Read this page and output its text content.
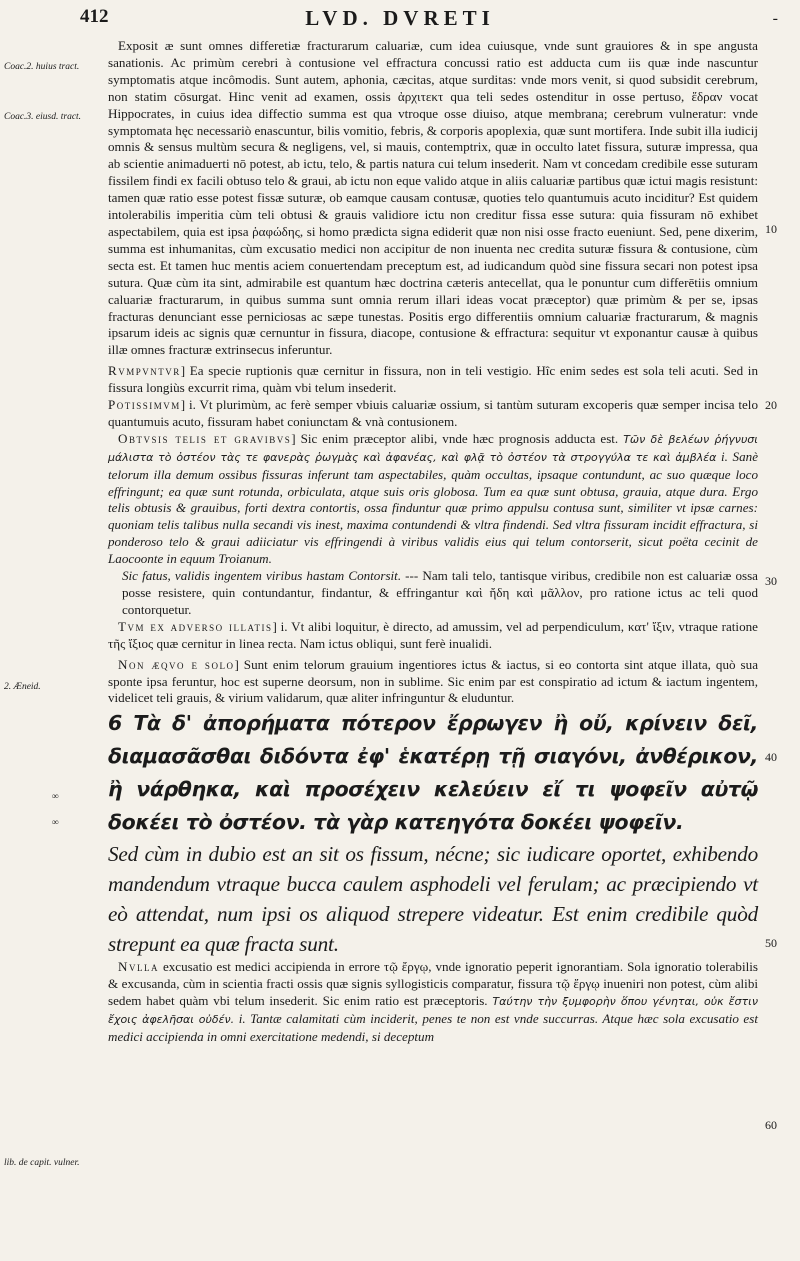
412	LVD. DVRETI	-
Coac.2. huius tract.
Coac.3. eiusd. tract.
2. Æneid.
∞
∞
lib. de capit. vulner.
10
20
30
40
50
60

Exposit æ sunt omnes differetiæ fracturarum caluariæ, cum idea cuiusque, vnde sunt grauiores & in spe angusta sanationis. Ac primùm cerebri à contusione vel effractura concussi ratio est adducta cum iis quæ inde nascuntur symptomatis atque incômodis. Sunt autem, aphonia, cæcitas, atque surditas: vnde mors venit, si quod subsidit cerebrum, non statim cōsurgat. Hinc venit ad examen, ossis ἀρχιτεκτ qua teli sedes ostenditur in osse pertuso, ἕδραν vocat Hippocrates, in cuius idea diffectio summa est qua vtroque osse diuiso, atque membrana; cerebrum vulneratur: vnde symptomata hęc necessariò enascuntur, bilis vomitio, febris, & corporis apoplexia, quæ sunt mortifera. Inde subit illa iudicij omnis & sensus multùm secura & negligens, vel, si mauis, contemptrix, quæ in occulto latet fissura, suturæ impressa, qua ab scientie animaduerti nō potest, ab ictu, telo, & partis natura cui telum insederit. Nam vt concedam credibile esse suturam fissilem findi ex facili obtuso telo & graui, ab ictu non eque valido atque in aliis caluariæ partibus quæ ictui magis resistunt: tamen quæ ratio esse potest fissæ suturæ, ob eamque causam contusæ, quoties telo quantumuis acuto inciditur? Est quidem intolerabilis imperitia cùm teli obtusi & grauis validiore ictu non creditur fissa esse sutura: quia fissuram nō exhibet aspectabilem, quia est ipsa ῥαφώδης, si homo prædicta signa ediderit quæ non nisi osse fracto eueniunt. Sed, pene dixerim, summa est inhumanitas, cùm excusatio medici non accipitur de non inuenta nec credita suturæ fissura & contusione, cùm secta est. Et tamen huc mentis aciem conuertendam preceptum est, ad iudicandum quòd sine fissura secari non potest ipsa sutura. Quæ cùm ita sint, admirabile est quantum hæc doctrina cæteris antecellat, qua le ponuntur cum differētiis omnium caluariæ fracturarum, in quibus summa sunt omnia rerum illari ideas vocat præceptor) quæ primùm & per se, ipsas fracturas denunciant esse perniciosas ac sæpe tunestas. Positis ergo differentiis omnium caluariæ fracturarum, & magnis ipsarum ideis ac signis quæ cernuntur in fissura, diacope, contusione & effractura: sequitur vt exponantur causæ à quibus illæ omnes fracturæ extrinsecus inferuntur.

Rvmpvntvr] Ea specie ruptionis quæ cernitur in fissura, non in teli vestigio. Hîc enim sedes est sola teli acuti. Sed in fissura longiùs excurrit rima, quàm vbi telum insederit.

Potissimvm] i. Vt plurimùm, ac ferè semper vbiuis caluariæ ossium, si tantùm suturam excoperis quæ semper incisa telo quantumuis acuto, fissuram habet coniunctam & vnà contusionem.

Obtvsis telis et gravibvs] Sic enim præceptor alibi, vnde hæc prognosis adducta est. Τῶν δὲ βελέων ῥήγνυσι μάλιστα τὸ ὀστέον τὰς τε φανερὰς ῥωγμὰς καὶ ἀφανέας, καὶ φλᾷ τὸ ὀστέον τὰ στρογγύλα τε καὶ ἀμβλέα i. Sanè telorum illa demum ossibus fissuras inferunt tam aspectabiles, quàm occultas, ipsaque contundunt, ac suo quæque loco effringunt; ea quæ sunt rotunda, orbiculata, atque suis oris globosa. Tum ea quæ sunt obtusa, grauia, atque dura. Ergo telis obtusis & grauibus, forti dextra contortis, ossa finduntur quæ primo appulsu contusa sunt, similiter vt ipsæ carnes: quoniam telis talibus nulla secandi vis inest, maxima contundendi & vltra findendi. Sed vltra fissuram incidit effractura, si ponderoso telo & graui adiiciatur vis effringendi à viribus validis eius qui telum contorserit, sicut poëta cecinit de Laocoonte in equum Troianum.

Sic fatus, validis ingentem viribus hastam Contorsit. --- Nam tali telo, tantisque viribus, credibile non est caluariæ ossa posse resistere, quin contundantur, findantur, & effringantur καὶ ἤδη καὶ μᾶλλον, pro ratione ictus ac teli quod contorquetur.

Tvm ex adverso illatis] i. Vt alibi loquitur, è directo, ad amussim, vel ad perpendiculum, κατ' ἴξιν, vtraque ratione τῆς ἴξιος quæ cernitur in linea recta. Nam ictus obliqui, sunt ferè inualidi.

Non æqvo e solo] Sunt enim telorum grauium ingentiores ictus & iactus, si eo contorta sint atque illata, quò sua sponte ipsa feruntur, hoc est superne deorsum, non in sublime. Sic enim par est conspiratio ad ictum & iactum ingentem, videlicet teli grauis, & virium validarum, quæ aliter infringuntur & eluduntur.

6 Τὰ δ' ἀπορήματα πότερον ἔρρωγεν ἢ οὔ, κρίνειν δεῖ, διαμασᾶσθαι διδόντα ἐφ' ἑκατέρῃ τῇ σιαγόνι, ἀνθέρικον, ἢ νάρθηκα, καὶ προσέχειν κελεύειν εἴ τι ψοφεῖν αὐτῷ δοκέει τὸ ὀστέον. τὰ γὰρ κατεηγότα δοκέει ψοφεῖν.

Sed cùm in dubio est an sit os fissum, nécne; sic iudicare oportet, exhibendo mandendum vtraque bucca caulem asphodeli vel ferulam; ac præcipiendo vt eò attendat, num ipsi os aliquod strepere videatur. Est enim credibile quòd strepunt ea quæ fracta sunt.

Nvlla excusatio est medici accipienda in errore τῷ ἔργῳ, vnde ignoratio peperit ignorantiam. Sola ignoratio tolerabilis & excusanda, cùm in scientia fracti ossis quæ signis syllogisticis comparatur, fissura τῷ ἔργῳ inueniri non potest, cùm alibi sedem habet quàm vbi telum insederit. Sic enim ratio est præceptoris. Ταύτην τὴν ξυμφορὴν ὅπου γένηται, οὐκ ἔστιν ἔχοις ἀφελῆσαι οὐδέν. i. Tantæ calamitati cùm inciderit, penes te non est vnde succurras. Atque hæc sola excusatio est medici accipienda in omni exercitatione medendi, si deceptum
